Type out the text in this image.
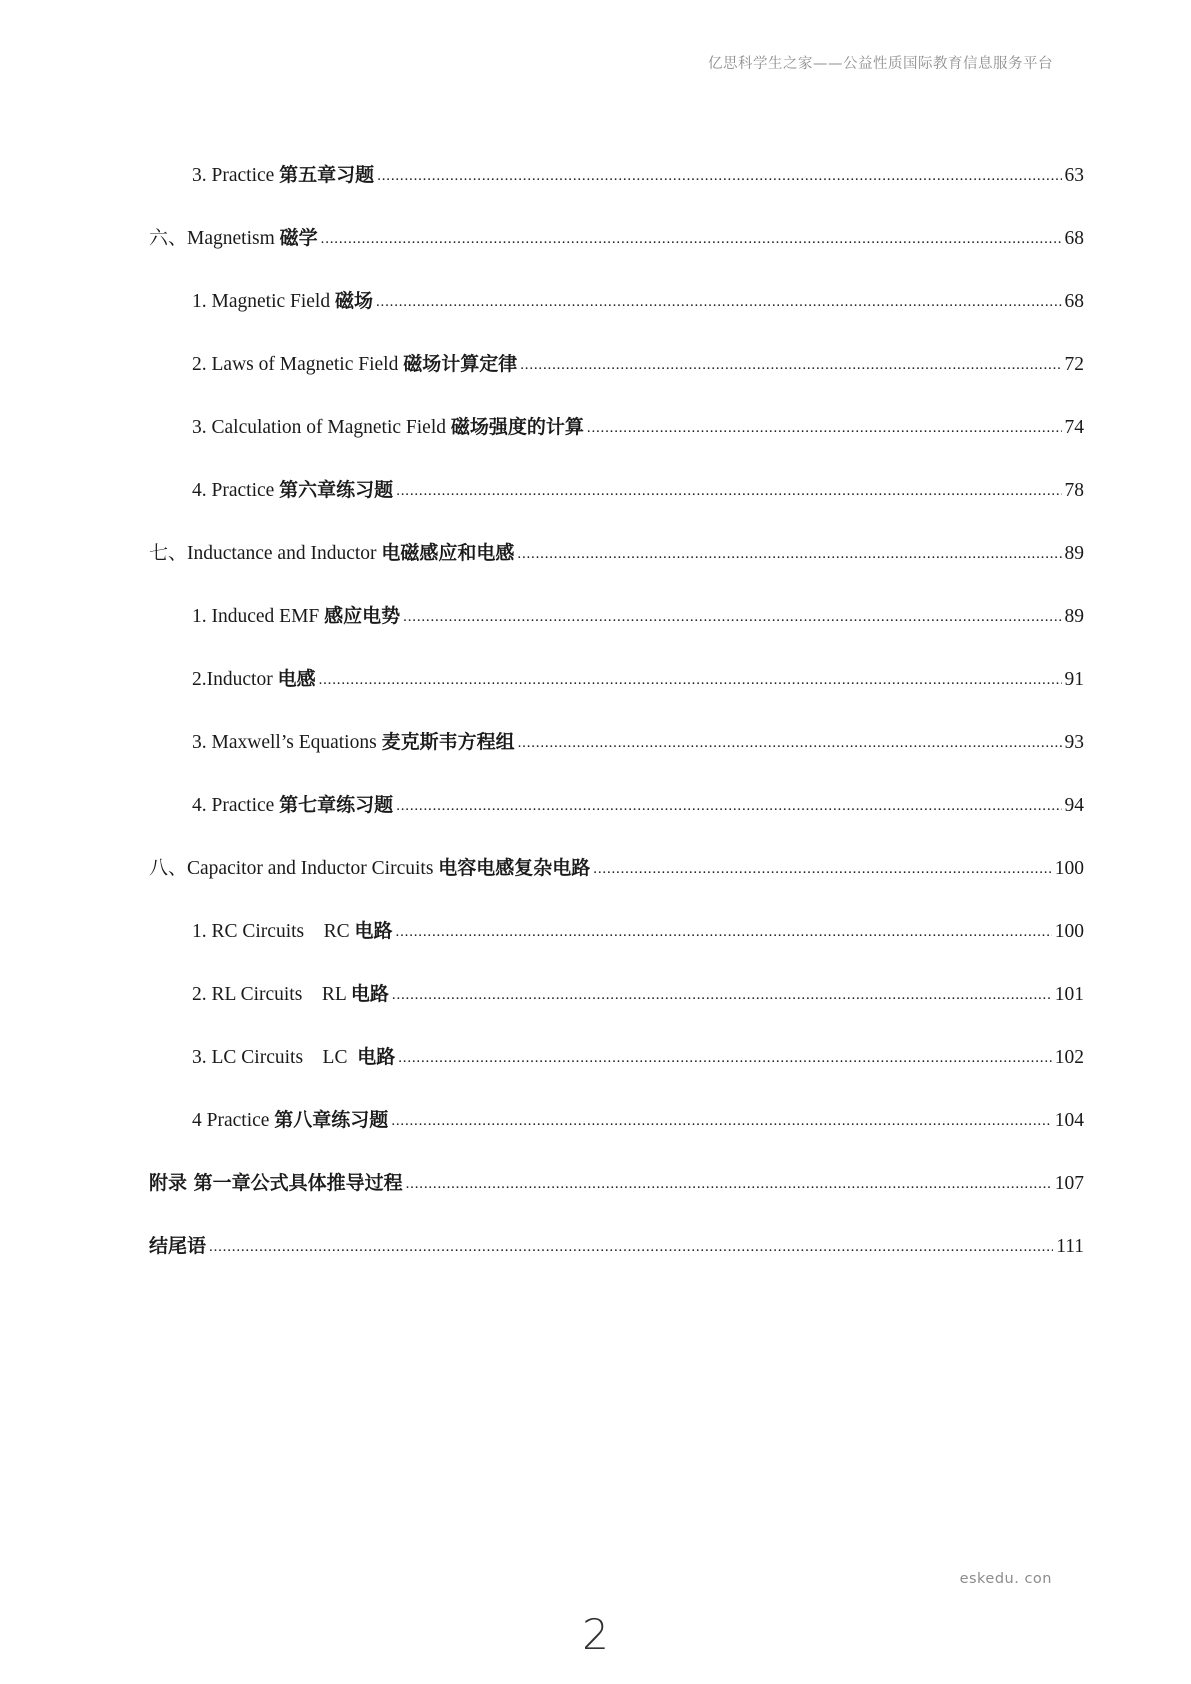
亿思科学生之家——公益性质国际教育信息服务平台
3. Practice 第五章习题 .....	63
六、Magnetism 磁学 .....	68
1. Magnetic Field 磁场 .....	68
2. Laws of Magnetic Field 磁场计算定律 .....	72
3. Calculation of Magnetic Field 磁场强度的计算 .....	74
4. Practice 第六章练习题 .....	78
七、Inductance and Inductor 电磁感应和电感 .....	89
1. Induced EMF 感应电势 .....	89
2.Inductor 电感 .....	91
3. Maxwell’s Equations 麦克斯韦方程组 .....	93
4. Practice 第七章练习题 .....	94
八、Capacitor and Inductor Circuits 电容电感复杂电路 .....	100
1. RC Circuits    RC 电路 .....	100
2. RL Circuits    RL 电路 .....	101
3. LC Circuits    LC  电路 .....	102
4 Practice 第八章练习题 .....	104
附录 第一章公式具体推导过程 .....	107
结尾语 .....	111
eskedu. con
2
